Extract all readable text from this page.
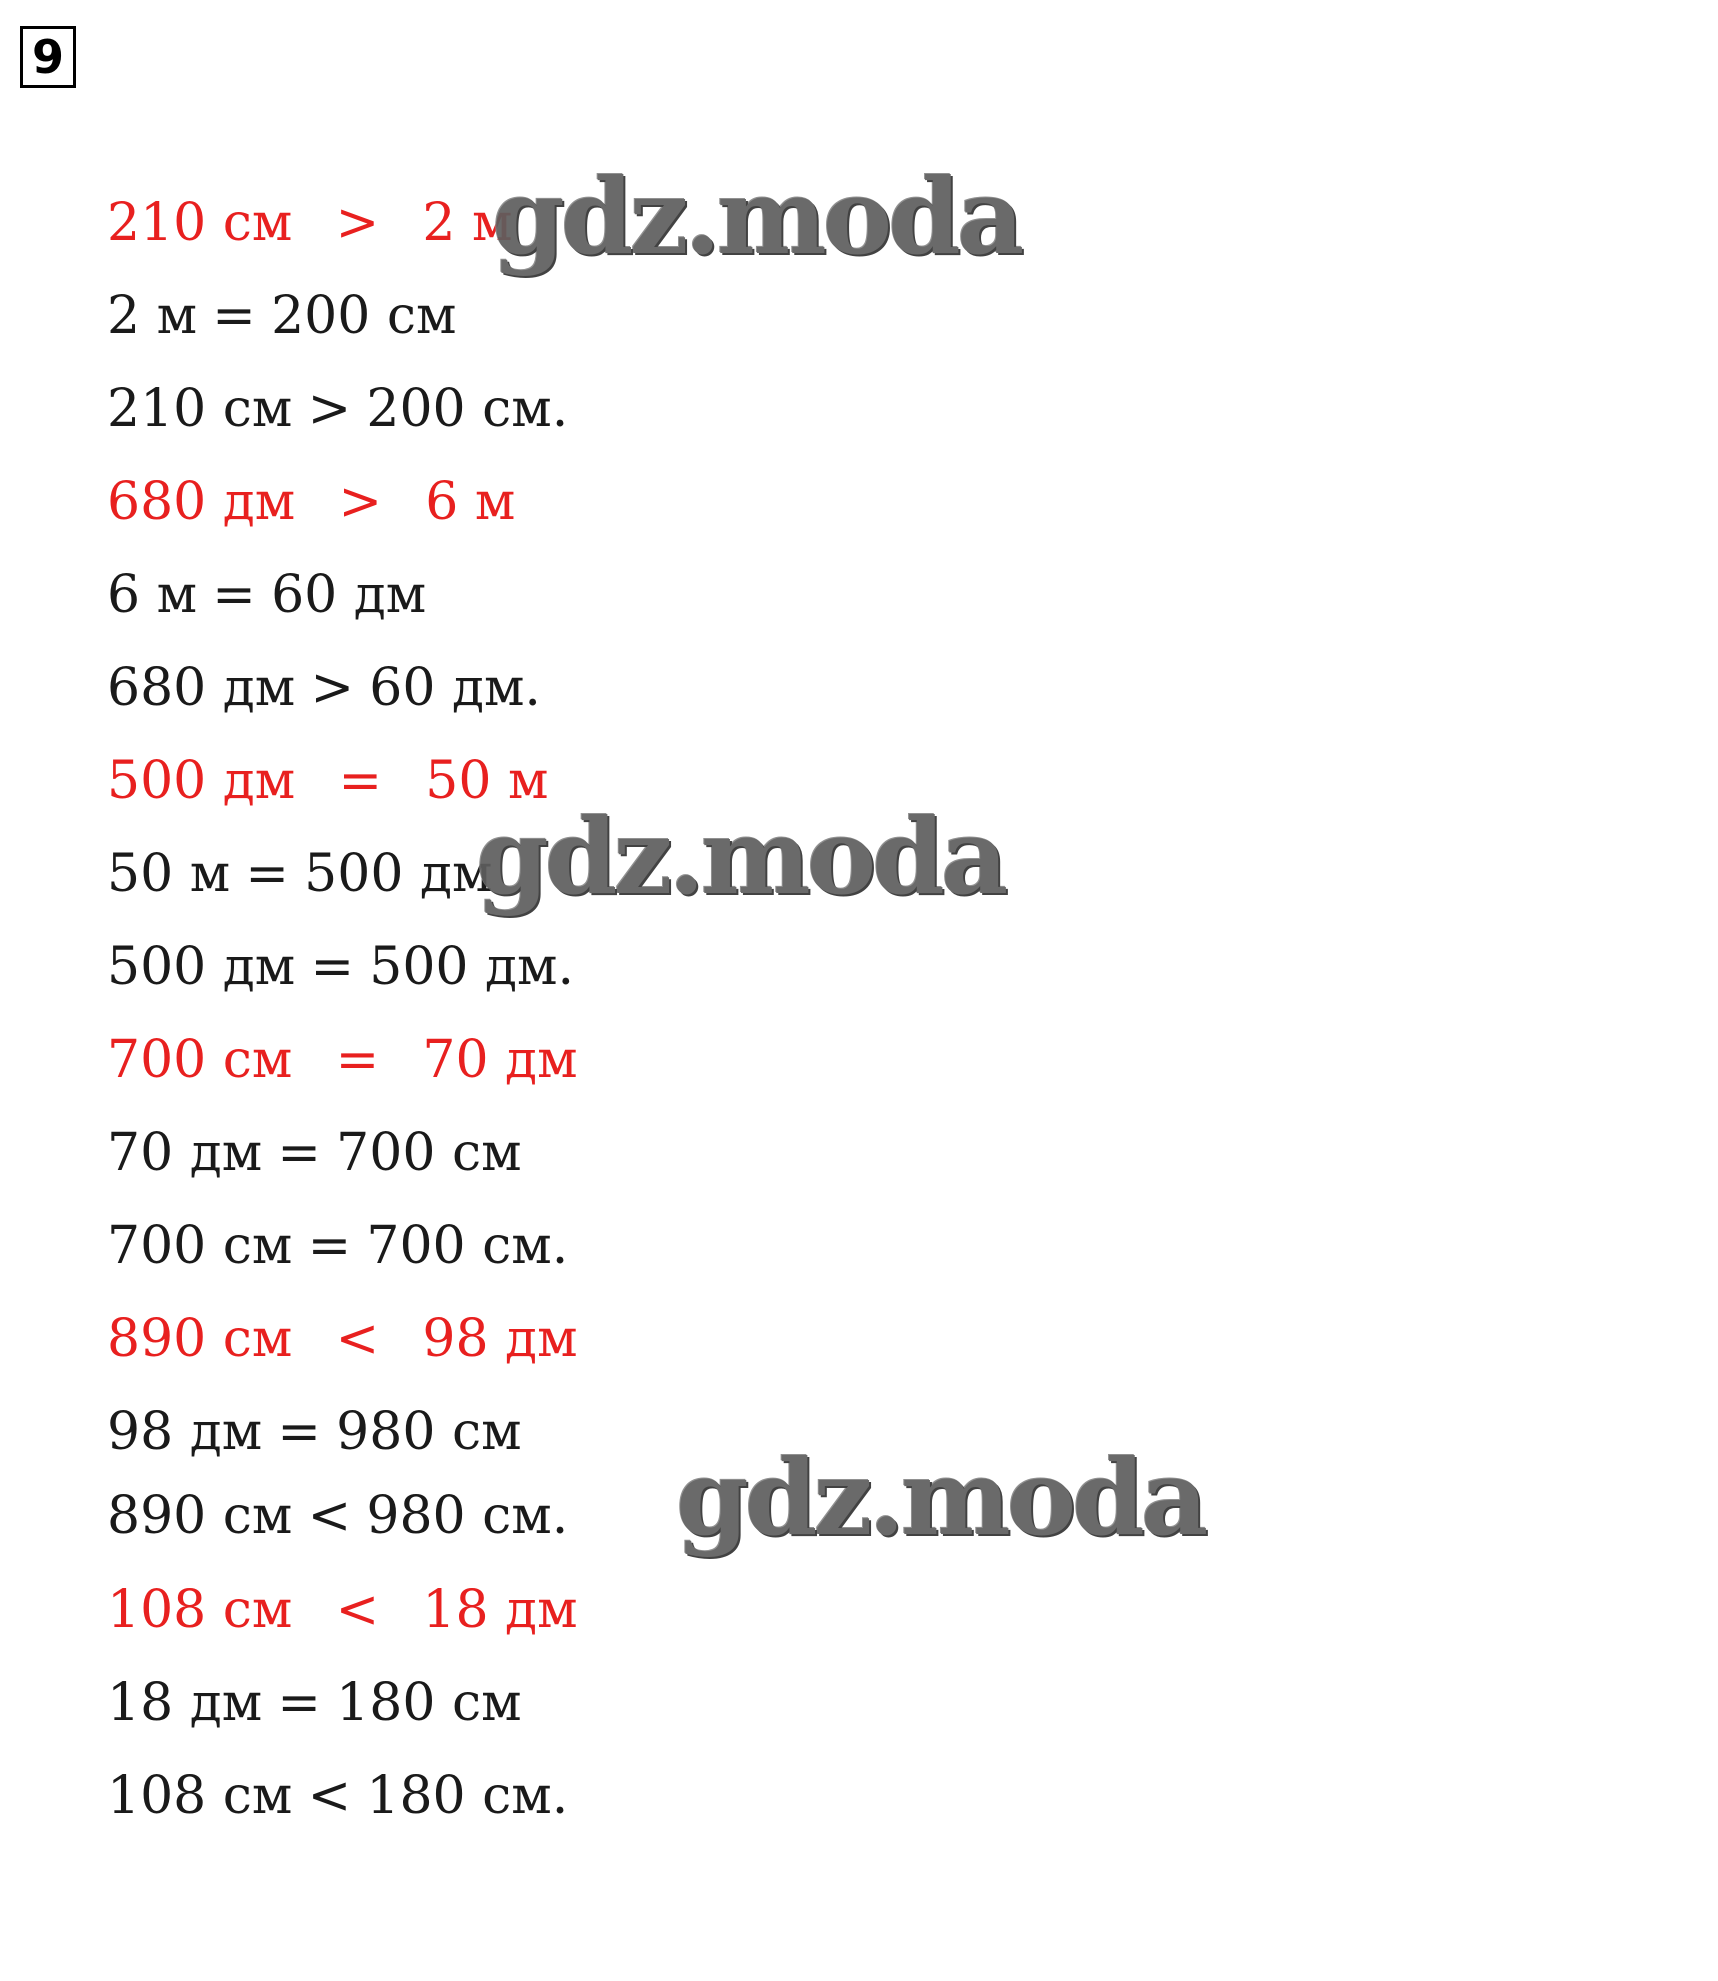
9
210 см > 2 м
2 м = 200 см
210 см > 200 см.
680 дм > 6 м
6 м = 60 дм
680 дм > 60 дм.
500 дм = 50 м
50 м = 500 дм
500 дм = 500 дм.
700 см = 70 дм
70 дм = 700 см
700 см = 700 см.
890 см < 98 дм
98 дм = 980 см
890 см < 980 см.
108 см < 18 дм
18 дм = 180 см
108 см < 180 см.
gdz.moda
gdz.moda
gdz.moda
